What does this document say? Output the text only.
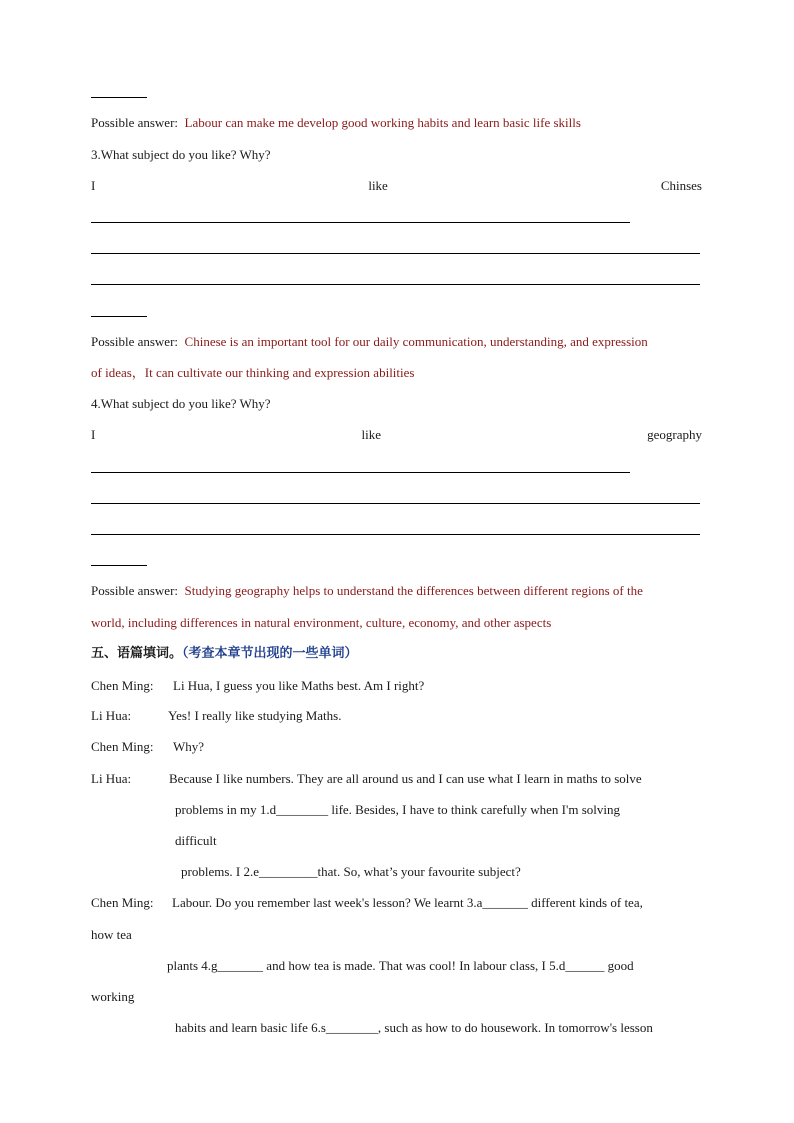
Possible answer: Labour can make me develop good working habits and learn basic life skills
3.What subject do you like? Why?
I	like	Chinses
Possible answer: Chinese is an important tool for our daily communication, understanding, and expression
of ideas，It can cultivate our thinking and expression abilities
4.What subject do you like? Why?
I	like	geography
Possible answer: Studying geography helps to understand the differences between different regions of the
world, including differences in natural environment, culture, economy, and other aspects
五、语篇填词。（考查本章节出现的一些单词）
Chen Ming: Li Hua, I guess you like Maths best. Am I right?
Li Hua:	Yes! I really like studying Maths.
Chen Ming: Why?
Li Hua:	Because I like numbers. They are all around us and I can use what I learn in maths to solve
problems in my 1.d________ life. Besides, I have to think carefully when I'm solving
difficult
problems. I 2.e_________that. So, what’s your favourite subject?
Chen Ming: Labour. Do you remember last week's lesson? We learnt 3.a_______ different kinds of tea,
how tea
plants 4.g_______ and how tea is made. That was cool! In labour class, I 5.d______ good
working
habits and learn basic life 6.s________, such as how to do housework. In tomorrow's lesson
